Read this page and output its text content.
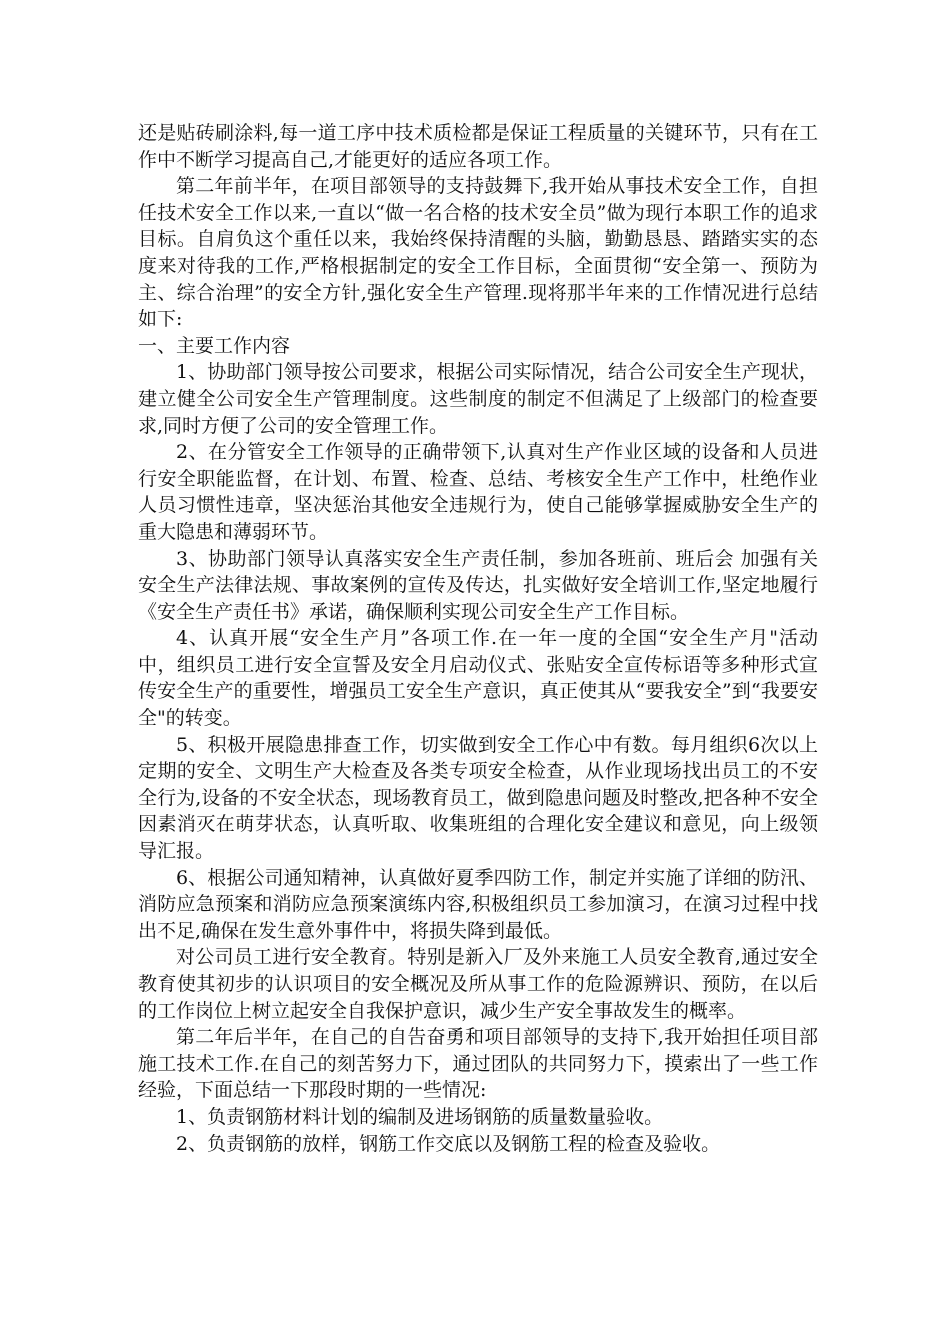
还是贴砖刷涂料,每一道工序中技术质检都是保证工程质量的关键环节，只有在工作中不断学习提高自己,才能更好的适应各项工作。

第二年前半年，在项目部领导的支持鼓舞下,我开始从事技术安全工作，自担任技术安全工作以来,一直以“做一名合格的技术安全员”做为现行本职工作的追求目标。自肩负这个重任以来，我始终保持清醒的头脑，勤勤恳恳、踏踏实实的态度来对待我的工作,严格根据制定的安全工作目标，全面贯彻“安全第一、预防为主、综合治理”的安全方针,强化安全生产管理.现将那半年来的工作情况进行总结如下:

一、主要工作内容

1、协助部门领导按公司要求，根据公司实际情况，结合公司安全生产现状，建立健全公司安全生产管理制度。这些制度的制定不但满足了上级部门的检查要求,同时方便了公司的安全管理工作。

2、在分管安全工作领导的正确带领下,认真对生产作业区域的设备和人员进行安全职能监督，在计划、布置、检查、总结、考核安全生产工作中，杜绝作业人员习惯性违章，坚决惩治其他安全违规行为，使自己能够掌握威胁安全生产的重大隐患和薄弱环节。

3、协助部门领导认真落实安全生产责任制，参加各班前、班后会 加强有关安全生产法律法规、事故案例的宣传及传达，扎实做好安全培训工作,坚定地履行《安全生产责任书》承诺，确保顺利实现公司安全生产工作目标。

4、认真开展“安全生产月”各项工作.在一年一度的全国“安全生产月"活动中，组织员工进行安全宣誓及安全月启动仪式、张贴安全宣传标语等多种形式宣传安全生产的重要性，增强员工安全生产意识，真正使其从“要我安全”到“我要安全"的转变。

5、积极开展隐患排查工作，切实做到安全工作心中有数。每月组织6次以上定期的安全、文明生产大检查及各类专项安全检查，从作业现场找出员工的不安全行为,设备的不安全状态，现场教育员工，做到隐患问题及时整改,把各种不安全因素消灭在萌芽状态，认真听取、收集班组的合理化安全建议和意见，向上级领导汇报。

6、根据公司通知精神，认真做好夏季四防工作，制定并实施了详细的防汛、消防应急预案和消防应急预案演练内容,积极组织员工参加演习，在演习过程中找出不足,确保在发生意外事件中，将损失降到最低。

对公司员工进行安全教育。特别是新入厂及外来施工人员安全教育,通过安全教育使其初步的认识项目的安全概况及所从事工作的危险源辨识、预防，在以后的工作岗位上树立起安全自我保护意识，减少生产安全事故发生的概率。

第二年后半年，在自己的自告奋勇和项目部领导的支持下,我开始担任项目部施工技术工作.在自己的刻苦努力下，通过团队的共同努力下，摸索出了一些工作经验，下面总结一下那段时期的一些情况:

1、负责钢筋材料计划的编制及进场钢筋的质量数量验收。

2、负责钢筋的放样，钢筋工作交底以及钢筋工程的检查及验收。
